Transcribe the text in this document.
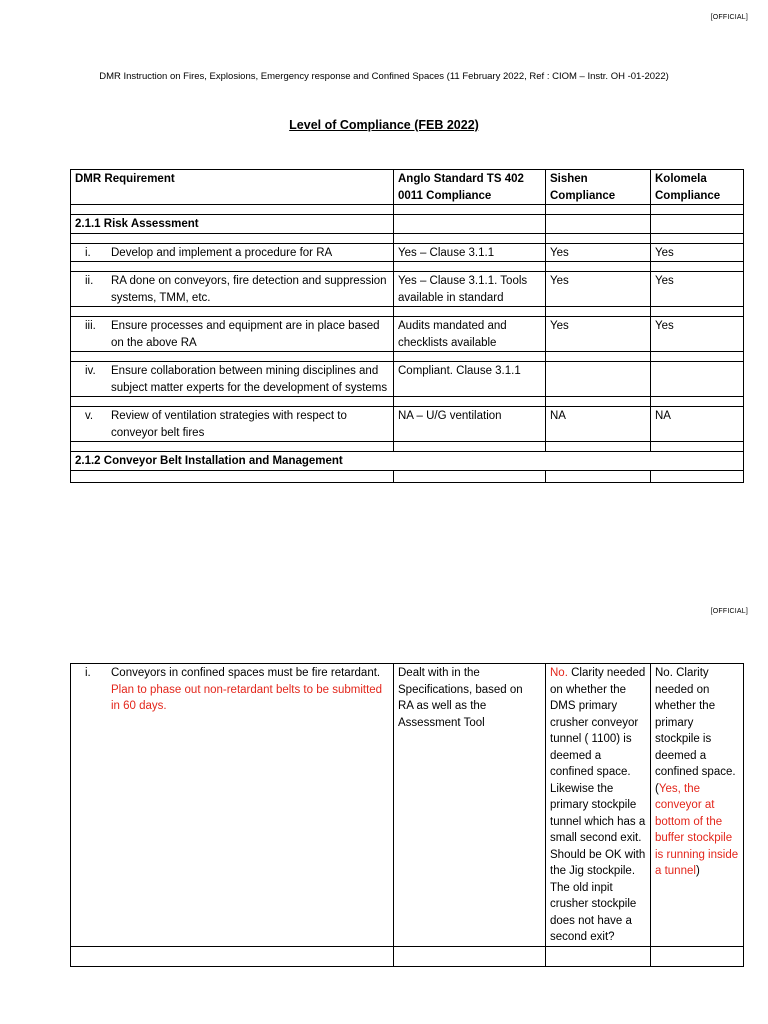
[OFFICIAL]
DMR Instruction on Fires, Explosions, Emergency response and Confined Spaces (11 February 2022, Ref : CIOM – Instr. OH -01-2022)
Level of Compliance (FEB 2022)
DMR Requirement	Anglo Standard TS 402 0011 Compliance	Sishen Compliance	Kolomela Compliance

2.1.1 Risk Assessment			

i. Develop and implement a procedure for RA	Yes – Clause 3.1.1	Yes	Yes

ii. RA done on conveyors, fire detection and suppression systems, TMM, etc.	Yes – Clause 3.1.1. Tools available in standard	Yes	Yes

iii. Ensure processes and equipment are in place based on the above RA	Audits mandated and checklists available	Yes	Yes

iv. Ensure collaboration between mining disciplines and subject matter experts for the development of systems	Compliant. Clause 3.1.1		

v. Review of ventilation strategies with respect to conveyor belt fires	NA – U/G ventilation	NA	NA

2.1.2 Conveyor Belt Installation and Management			

[OFFICIAL]
i. Conveyors in confined spaces must be fire retardant. Plan to phase out non-retardant belts to be submitted in 60 days.	Dealt with in the Specifications, based on RA as well as the Assessment Tool	No. Clarity needed on whether the DMS primary crusher conveyor tunnel ( 1100) is deemed a confined space. Likewise the primary stockpile tunnel which has a small second exit. Should be OK with the Jig stockpile. The old inpit crusher stockpile does not have a second exit?	No. Clarity needed on whether the primary stockpile is deemed a confined space.(Yes, the conveyor at bottom of the buffer stockpile is running inside a tunnel)
